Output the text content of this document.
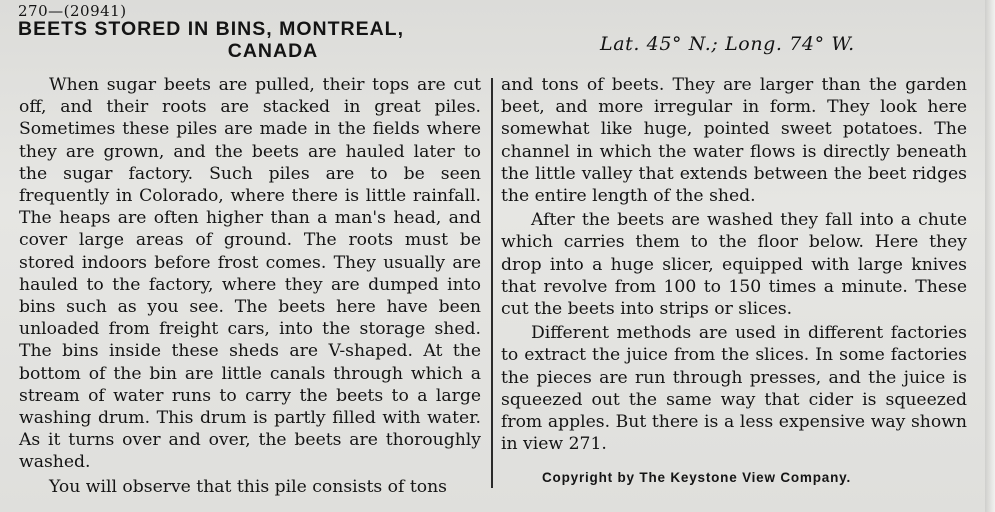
270—(20941)
BEETS STORED IN BINS, MONTREAL,
CANADA	Lat. 45° N.; Long. 74° W.

When sugar beets are pulled, their tops are cut off, and their roots are stacked in great piles. Sometimes these piles are made in the fields where they are grown, and the beets are hauled later to the sugar factory. Such piles are to be seen frequently in Colorado, where there is little rainfall. The heaps are often higher than a man's head, and cover large areas of ground. The roots must be stored indoors before frost comes. They usually are hauled to the factory, where they are dumped into bins such as you see. The beets here have been unloaded from freight cars, into the storage shed. The bins inside these sheds are V-shaped. At the bottom of the bin are little canals through which a stream of water runs to carry the beets to a large washing drum. This drum is partly filled with water. As it turns over and over, the beets are thoroughly washed.

You will observe that this pile consists of tons

and tons of beets. They are larger than the garden beet, and more irregular in form. They look here somewhat like huge, pointed sweet potatoes. The channel in which the water flows is directly beneath the little valley that extends between the beet ridges the entire length of the shed.

After the beets are washed they fall into a chute which carries them to the floor below. Here they drop into a huge slicer, equipped with large knives that revolve from 100 to 150 times a minute. These cut the beets into strips or slices.

Different methods are used in different factories to extract the juice from the slices. In some factories the pieces are run through presses, and the juice is squeezed out the same way that cider is squeezed from apples. But there is a less expensive way shown in view 271.

Copyright by The Keystone View Company.
